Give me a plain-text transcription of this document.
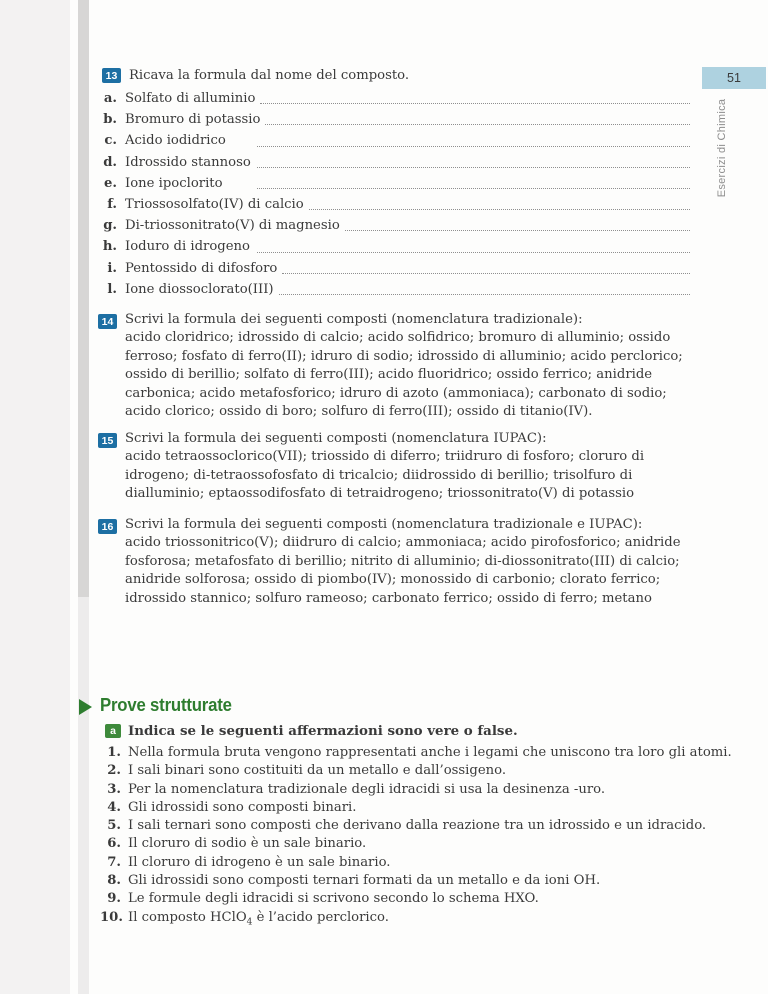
51
Esercizi di Chimica
13 Ricava la formula dal nome del composto.
a. Solfato di alluminio
b. Bromuro di potassio
c. Acido iodidrico
d. Idrossido stannoso
e. Ione ipoclorito
f. Triossosolfato(IV) di calcio
g. Di-triossonitrato(V) di magnesio
h. Ioduro di idrogeno
i. Pentossido di difosforo
l. Ione diossoclorato(III)
14 Scrivi la formula dei seguenti composti (nomenclatura tradizionale):
acido cloridrico; idrossido di calcio; acido solfidrico; bromuro di alluminio; ossido ferroso; fosfato di ferro(II); idruro di sodio; idrossido di alluminio; acido perclorico; ossido di berillio; solfato di ferro(III); acido fluoridrico; ossido ferrico; anidride carbonica; acido metafosforico; idruro di azoto (ammoniaca); carbonato di sodio; acido clorico; ossido di boro; solfuro di ferro(III); ossido di titanio(IV).
15 Scrivi la formula dei seguenti composti (nomenclatura IUPAC):
acido tetraossoclorico(VII); triossido di diferro; triidruro di fosforo; cloruro di idrogeno; di-tetraossofosfato di tricalcio; diidrossido di berillio; trisolfuro di dialluminio; eptaossodifosfato di tetraidrogeno; triossonitrato(V) di potassio
16 Scrivi la formula dei seguenti composti (nomenclatura tradizionale e IUPAC):
acido triossonitrico(V); diidruro di calcio; ammoniaca; acido pirofosforico; anidride fosforosa; metafosfato di berillio; nitrito di alluminio; di-diossonitrato(III) di calcio; anidride solforosa; ossido di piombo(IV); monossido di carbonio; clorato ferrico; idrossido stannico; solfuro rameoso; carbonato ferrico; ossido di ferro; metano
Prove strutturate
a Indica se le seguenti affermazioni sono vere o false.
1. Nella formula bruta vengono rappresentati anche i legami che uniscono tra loro gli atomi.
2. I sali binari sono costituiti da un metallo e dall’ossigeno.
3. Per la nomenclatura tradizionale degli idracidi si usa la desinenza -uro.
4. Gli idrossidi sono composti binari.
5. I sali ternari sono composti che derivano dalla reazione tra un idrossido e un idracido.
6. Il cloruro di sodio è un sale binario.
7. Il cloruro di idrogeno è un sale binario.
8. Gli idrossidi sono composti ternari formati da un metallo e da ioni OH.
9. Le formule degli idracidi si scrivono secondo lo schema HXO.
10. Il composto HClO$_4$ è l’acido perclorico.
